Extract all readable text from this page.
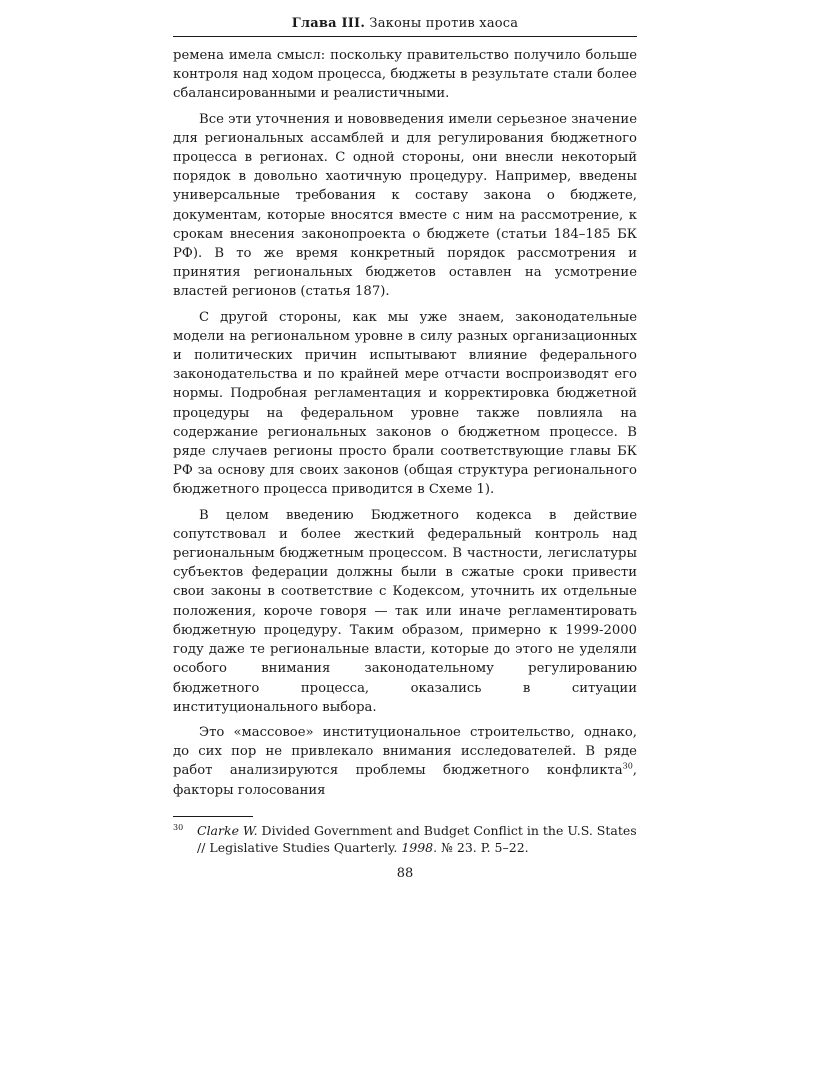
Глава III. Законы против хаоса

ремена имела смысл: поскольку правительство получило больше контроля над ходом процесса, бюджеты в результате стали более сбалансированными и реалистичными.

Все эти уточнения и нововведения имели серьезное значение для региональных ассамблей и для регулирования бюджетного процесса в регионах. С одной стороны, они внесли некоторый порядок в довольно хаотичную процедуру. Например, введены универсальные требования к составу закона о бюджете, документам, которые вносятся вместе с ним на рассмотрение, к срокам внесения законопроекта о бюджете (статьи 184–185 БК РФ). В то же время конкретный порядок рассмотрения и принятия региональных бюджетов оставлен на усмотрение властей регионов (статья 187).

С другой стороны, как мы уже знаем, законодательные модели на региональном уровне в силу разных организационных и политических причин испытывают влияние федерального законодательства и по крайней мере отчасти воспроизводят его нормы. Подробная регламентация и корректировка бюджетной процедуры на федеральном уровне также повлияла на содержание региональных законов о бюджетном процессе. В ряде случаев регионы просто брали соответствующие главы БК РФ за основу для своих законов (общая структура регионального бюджетного процесса приводится в Схеме 1).

В целом введению Бюджетного кодекса в действие сопутствовал и более жесткий федеральный контроль над региональным бюджетным процессом. В частности, легислатуры субъектов федерации должны были в сжатые сроки привести свои законы в соответствие с Кодексом, уточнить их отдельные положения, короче говоря — так или иначе регламентировать бюджетную процедуру. Таким образом, примерно к 1999-2000 году даже те региональные власти, которые до этого не уделяли особого внимания законодательному регулированию бюджетного процесса, оказались в ситуации институционального выбора.

Это «массовое» институциональное строительство, однако, до сих пор не привлекало внимания исследователей. В ряде работ анализируются проблемы бюджетного конфликта$^{30}$, факторы голосования

30	Clarke W. Divided Government and Budget Conflict in the U.S. States // Legislative Studies Quarterly. 1998. № 23. P. 5–22.
88
